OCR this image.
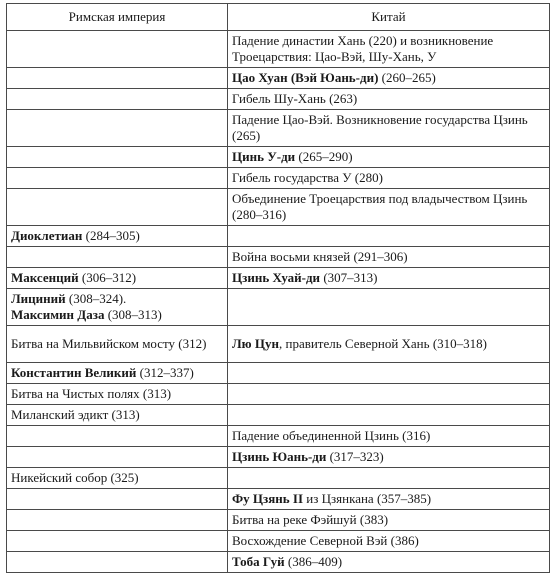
Римская империя	Китай
	Падение династии Хань (220) и возникновение Троецарствия: Цао-Вэй, Шу-Хань, У
	Цао Хуан (Вэй Юань-ди) (260–265)
	Гибель Шу-Хань (263)
	Падение Цао-Вэй. Возникновение государства Цзинь (265)
	Цинь У-ди (265–290)
	Гибель государства У (280)
	Объединение Троецарствия под владычеством Цзинь (280–316)
Диоклетиан (284–305)	
	Война восьми князей (291–306)
Максенций (306–312)	Цзинь Хуай-ди (307–313)
Лициний (308–324).
Максимин Даза (308–313)	
Битва на Мильвийском мосту (312)	Лю Цун, правитель Северной Хань (310–318)
Константин Великий (312–337)	
Битва на Чистых полях (313)	
Миланский эдикт (313)	
	Падение объединенной Цзинь (316)
	Цзинь Юань-ди (317–323)
Никейский собор (325)	
	Фу Цзянь II из Цзянкана (357–385)
	Битва на реке Фэйшуй (383)
	Восхождение Северной Вэй (386)
	Тоба Гуй (386–409)
